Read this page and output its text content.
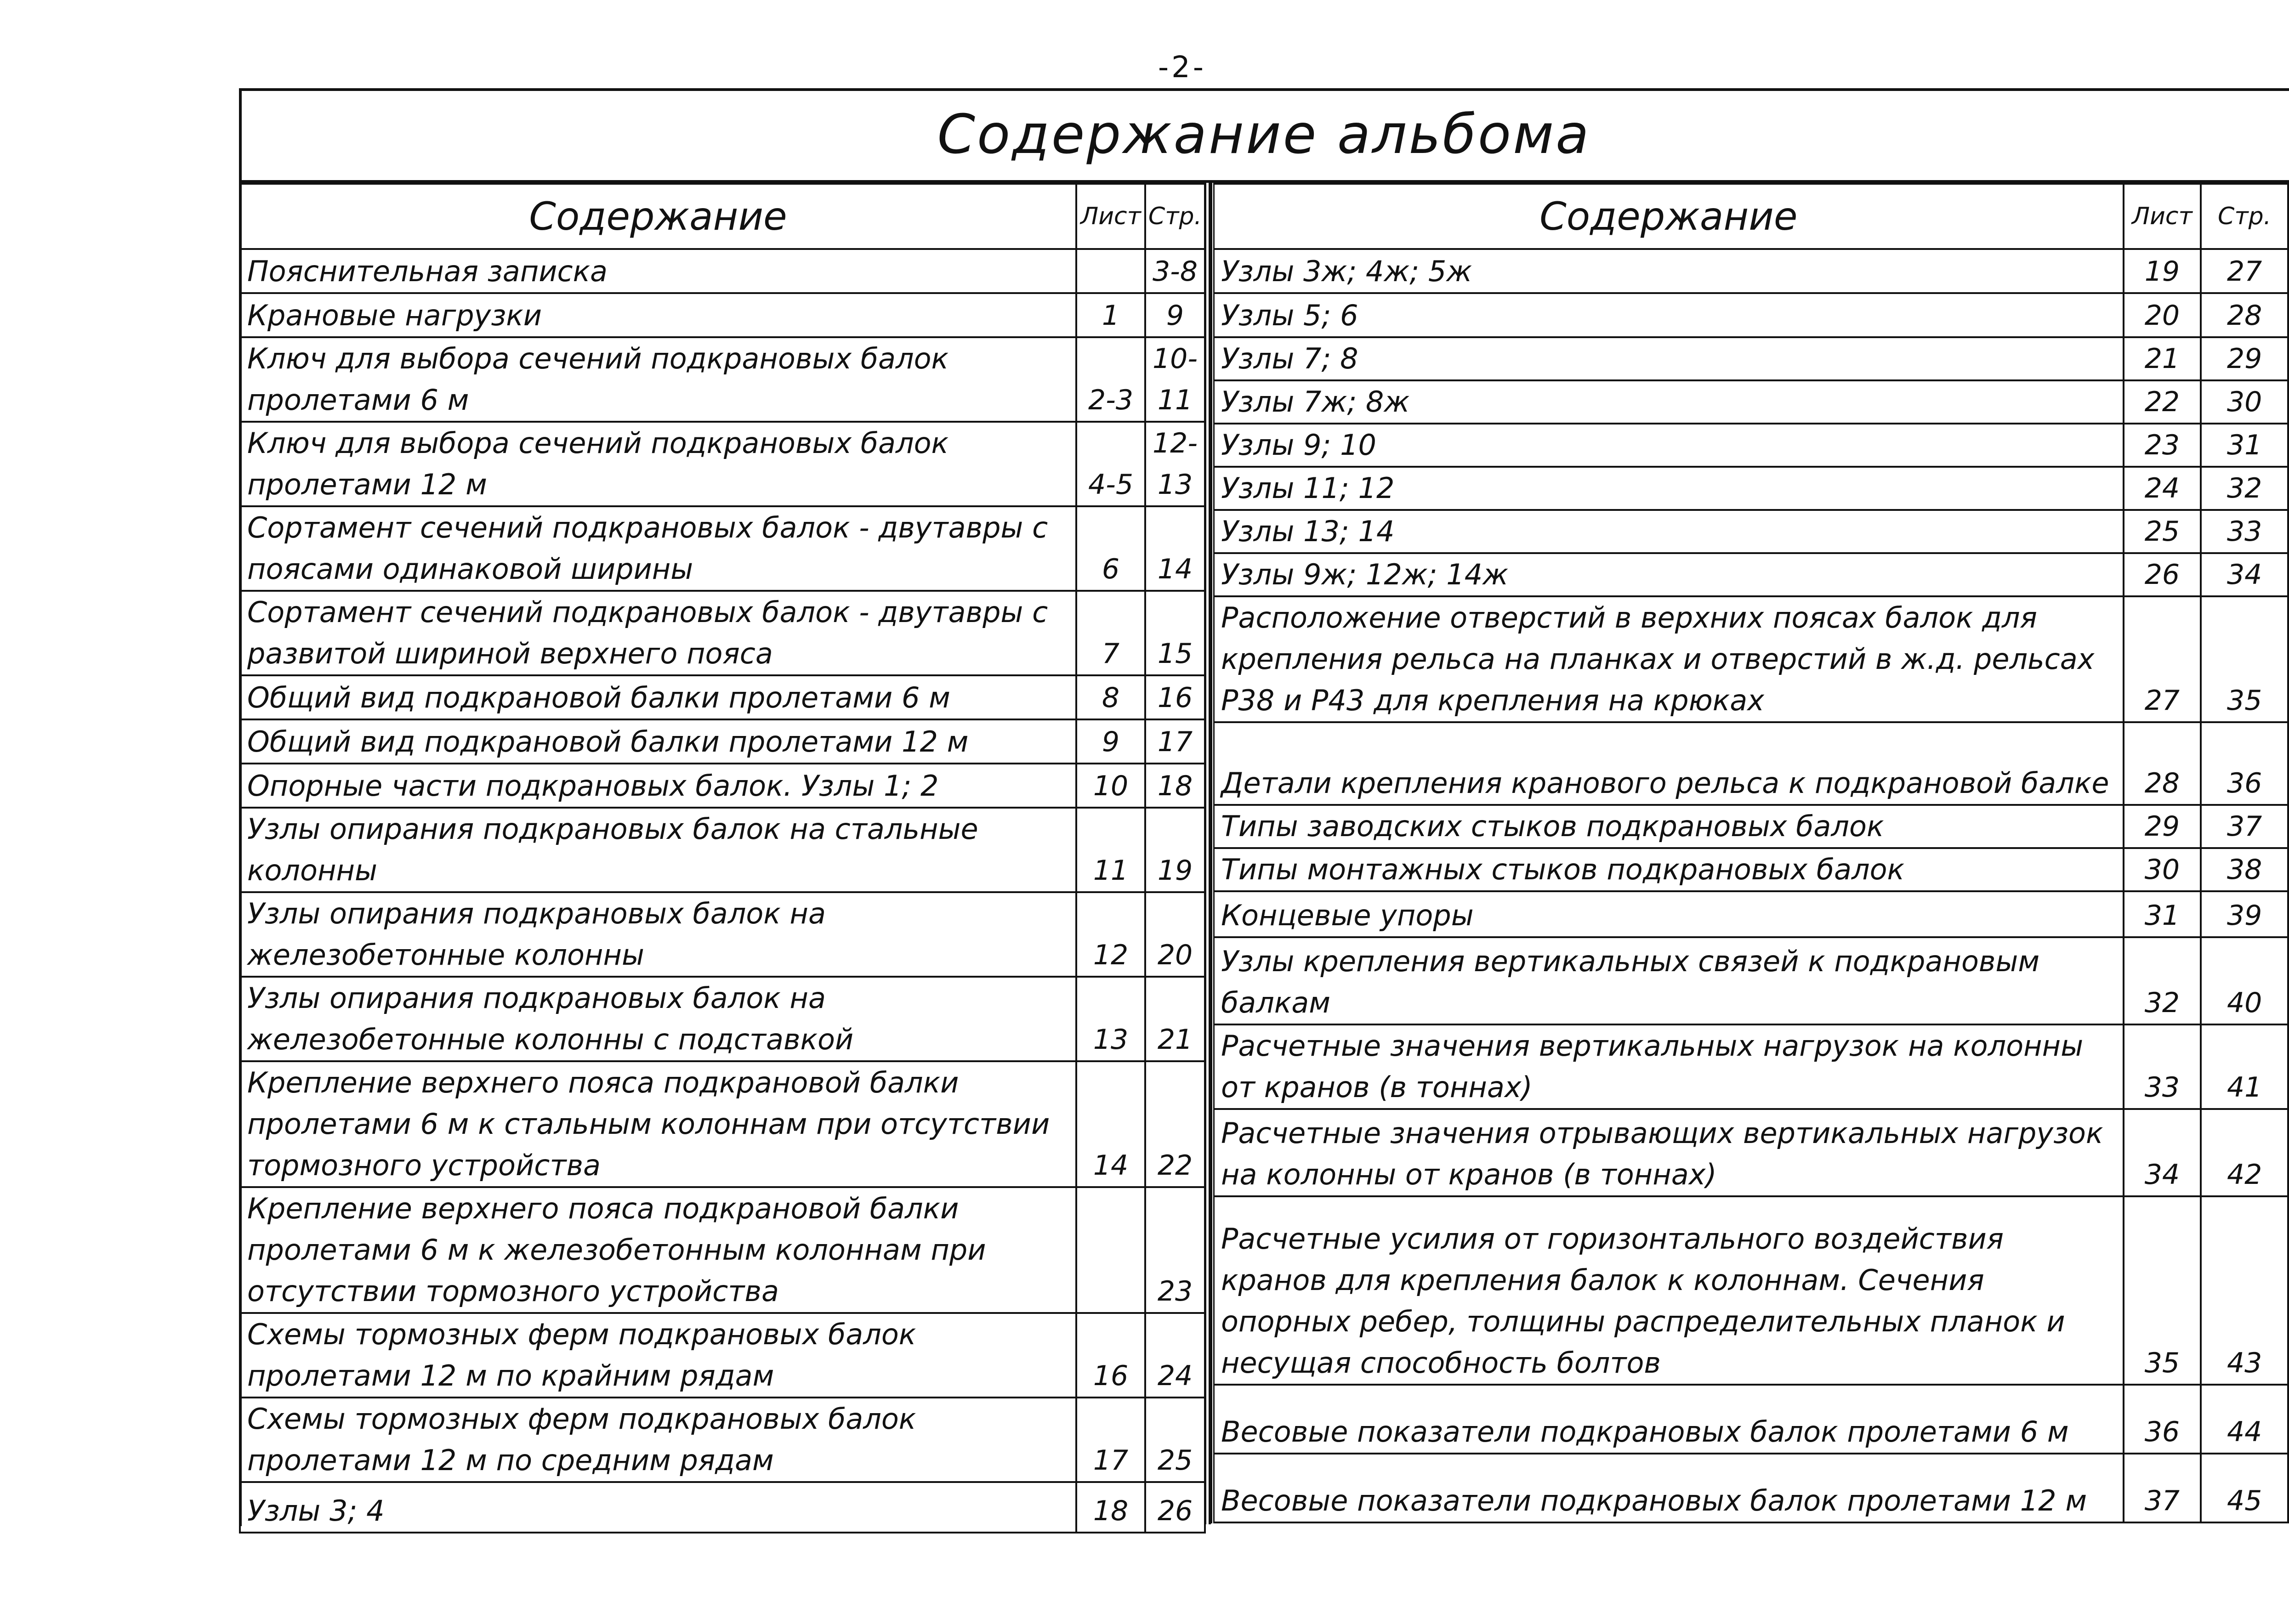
-2-
Содержание альбома
Содержание	Лист	Стр.
Пояснительная записка		3-8
Крановые нагрузки	1	9
Ключ для выбора сечений подкрановых балок пролетами 6 м	2-3	10-11
Ключ для выбора сечений подкрановых балок пролетами 12 м	4-5	12-13
Сортамент сечений подкрановых балок - двутавры с поясами одинаковой ширины	6	14
Сортамент сечений подкрановых балок - двутавры с развитой шириной верхнего пояса	7	15
Общий вид подкрановой балки пролетами 6 м	8	16
Общий вид подкрановой балки пролетами 12 м	9	17
Опорные части подкрановых балок. Узлы 1; 2	10	18
Узлы опирания подкрановых балок на стальные колонны	11	19
Узлы опирания подкрановых балок на железобетонные колонны	12	20
Узлы опирания подкрановых балок на железобетонные колонны с подставкой	13	21
Крепление верхнего пояса подкрановой балки пролетами 6 м к стальным колоннам при отсутствии тормозного устройства	14	22
Крепление верхнего пояса подкрановой балки пролетами 6 м к железобетонным колоннам при отсутствии тормозного устройства		23
Схемы тормозных ферм подкрановых балок пролетами 12 м по крайним рядам	16	24
Схемы тормозных ферм подкрановых балок пролетами 12 м по средним рядам	17	25
Узлы 3; 4	18	26
Содержание	Лист	Стр.
Узлы 3ж; 4ж; 5ж	19	27
Узлы 5; 6	20	28
Узлы 7; 8	21	29
Узлы 7ж; 8ж	22	30
Узлы 9; 10	23	31
Узлы 11; 12	24	32
Узлы 13; 14	25	33
Узлы 9ж; 12ж; 14ж	26	34
Расположение отверстий в верхних поясах балок для крепления рельса на планках и отверстий в ж.д. рельсах Р38 и Р43 для крепления на крюках	27	35
Детали крепления кранового рельса к подкрановой балке	28	36
Типы заводских стыков подкрановых балок	29	37
Типы монтажных стыков подкрановых балок	30	38
Концевые упоры	31	39
Узлы крепления вертикальных связей к подкрановым балкам	32	40
Расчетные значения вертикальных нагрузок на колонны от кранов (в тоннах)	33	41
Расчетные значения отрывающих вертикальных нагрузок на колонны от кранов (в тоннах)	34	42
Расчетные усилия от горизонтального воздействия кранов для крепления балок к колоннам. Сечения опорных ребер, толщины распределительных планок и несущая способность болтов	35	43
Весовые показатели подкрановых балок пролетами 6 м	36	44
Весовые показатели подкрановых балок пролетами 12 м	37	45
